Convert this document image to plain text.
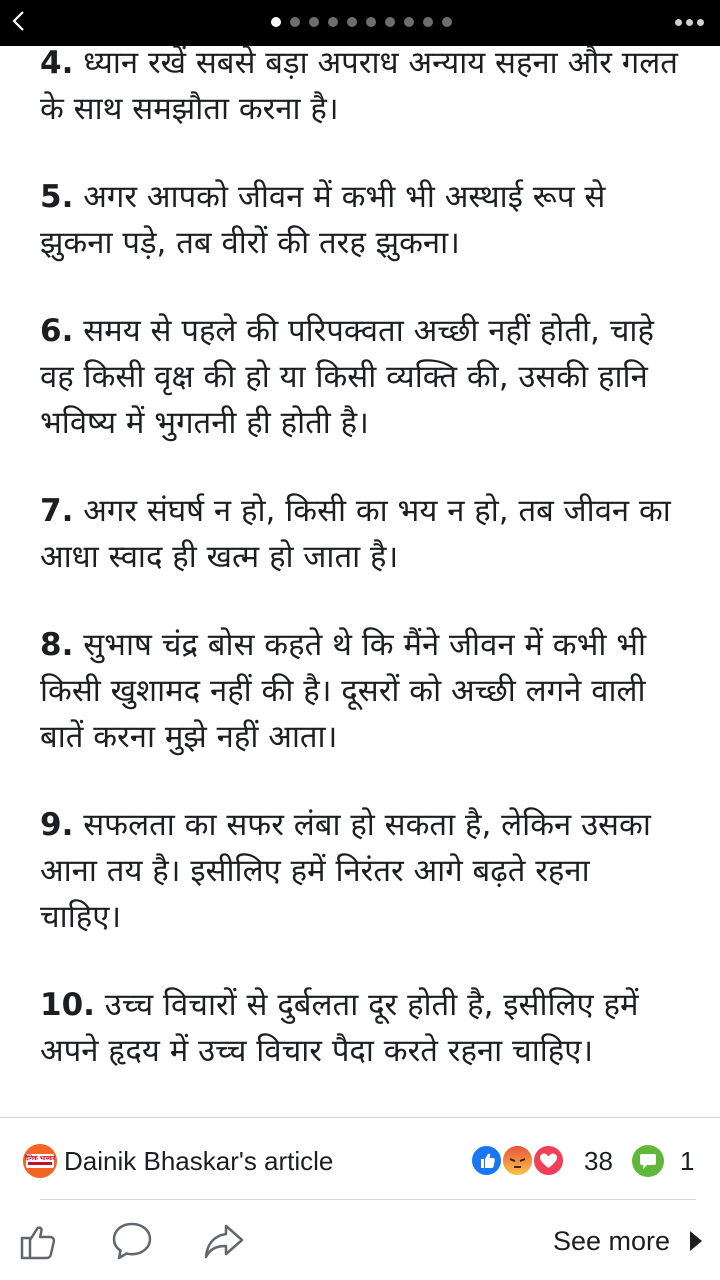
4. ध्यान रखें सबसे बड़ा अपराध अन्याय सहना और गलत के साथ समझौता करना है।

5. अगर आपको जीवन में कभी भी अस्थाई रूप से झुकना पड़े, तब वीरों की तरह झुकना।

6. समय से पहले की परिपक्वता अच्छी नहीं होती, चाहे वह किसी वृक्ष की हो या किसी व्यक्ति की, उसकी हानि भविष्य में भुगतनी ही होती है।

7. अगर संघर्ष न हो, किसी का भय न हो, तब जीवन का आधा स्वाद ही खत्म हो जाता है।

8. सुभाष चंद्र बोस कहते थे कि मैंने जीवन में कभी भी किसी खुशामद नहीं की है। दूसरों को अच्छी लगने वाली बातें करना मुझे नहीं आता।

9. सफलता का सफर लंबा हो सकता है, लेकिन उसका आना तय है। इसीलिए हमें निरंतर आगे बढ़ते रहना चाहिए।

10. उच्च विचारों से दुर्बलता दूर होती है, इसीलिए हमें अपने हृदय में उच्च विचार पैदा करते रहना चाहिए।

दैनिक भास्कर Dainik Bhaskar's article	38	1
See more
